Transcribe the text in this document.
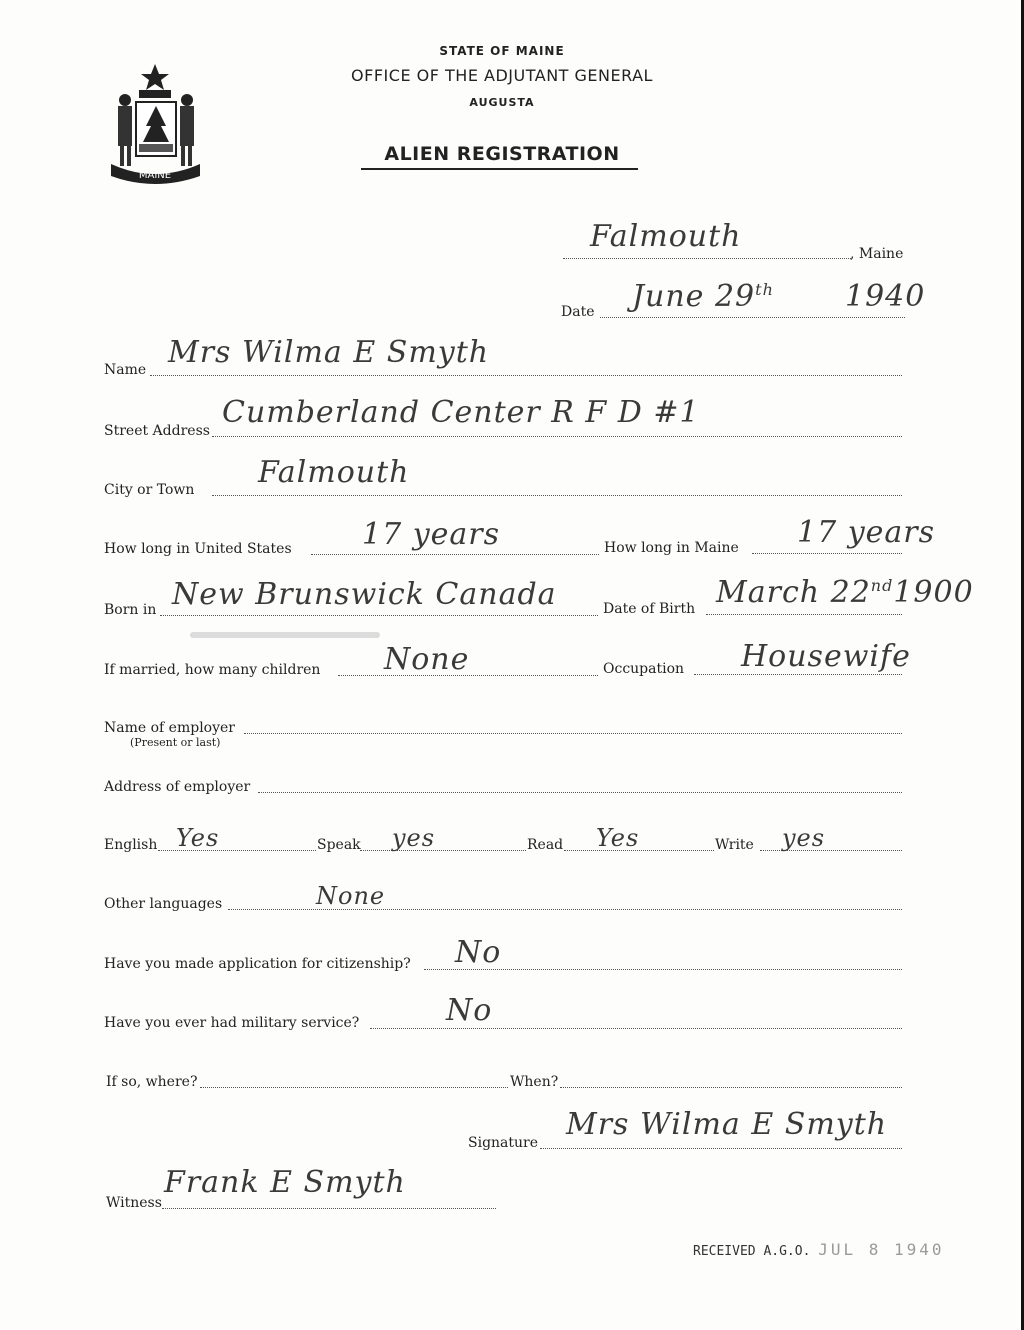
MAINE
STATE OF MAINE
OFFICE OF THE ADJUTANT GENERAL
AUGUSTA
ALIEN REGISTRATION
Falmouth	, Maine
Date June 29th 1940
Name Mrs Wilma E Smyth
Street Address
Cumberland Center R F D #1
City or Town Falmouth
How long in United States 17 years	How long in Maine 17 years
Born in New Brunswick Canada	Date of Birth March 22nd1900
If married, how many children None	Occupation Housewife
Name of employer
(Present or last)
Address of employer
English Yes	Speak yes	Read Yes	Write yes
Other languages	None
Have you made application for citizenship? No
Have you ever had military service?	No
If so, where?	When?
Signature
Mrs Wilma E Smyth
Witness
Frank E Smyth
RECEIVED A.G.O. JUL 8 1940
